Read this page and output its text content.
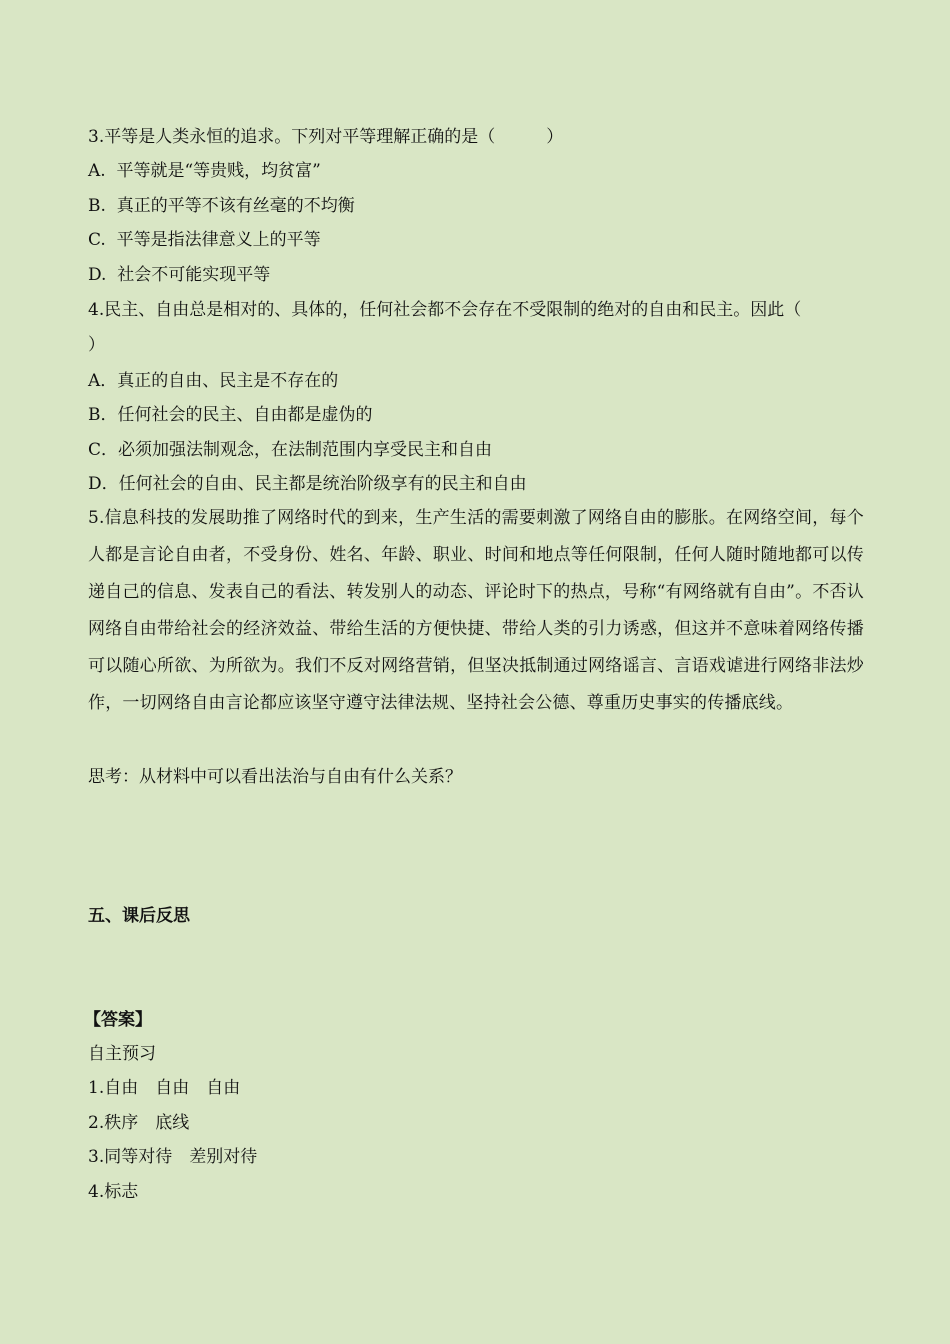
3.平等是人类永恒的追求。下列对平等理解正确的是（　　　）
A.  平等就是“等贵贱，均贫富”
B.  真正的平等不该有丝毫的不均衡
C.  平等是指法律意义上的平等
D.  社会不可能实现平等
4.民主、自由总是相对的、具体的，任何社会都不会存在不受限制的绝对的自由和民主。因此（
）
A．真正的自由、民主是不存在的
B．任何社会的民主、自由都是虚伪的
C．必须加强法制观念，在法制范围内享受民主和自由
D．任何社会的自由、民主都是统治阶级享有的民主和自由
5.信息科技的发展助推了网络时代的到来，生产生活的需要刺激了网络自由的膨胀。在网络空间，每个人都是言论自由者，不受身份、姓名、年龄、职业、时间和地点等任何限制，任何人随时随地都可以传递自己的信息、发表自己的看法、转发别人的动态、评论时下的热点，号称“有网络就有自由”。不否认网络自由带给社会的经济效益、带给生活的方便快捷、带给人类的引力诱惑，但这并不意味着网络传播可以随心所欲、为所欲为。我们不反对网络营销，但坚决抵制通过网络谣言、言语戏谑进行网络非法炒作，一切网络自由言论都应该坚守遵守法律法规、坚持社会公德、尊重历史事实的传播底线。
思考：从材料中可以看出法治与自由有什么关系？
五、课后反思
【答案】
自主预习
1.自由　自由　自由
2.秩序　底线
3.同等对待　差别对待
4.标志
